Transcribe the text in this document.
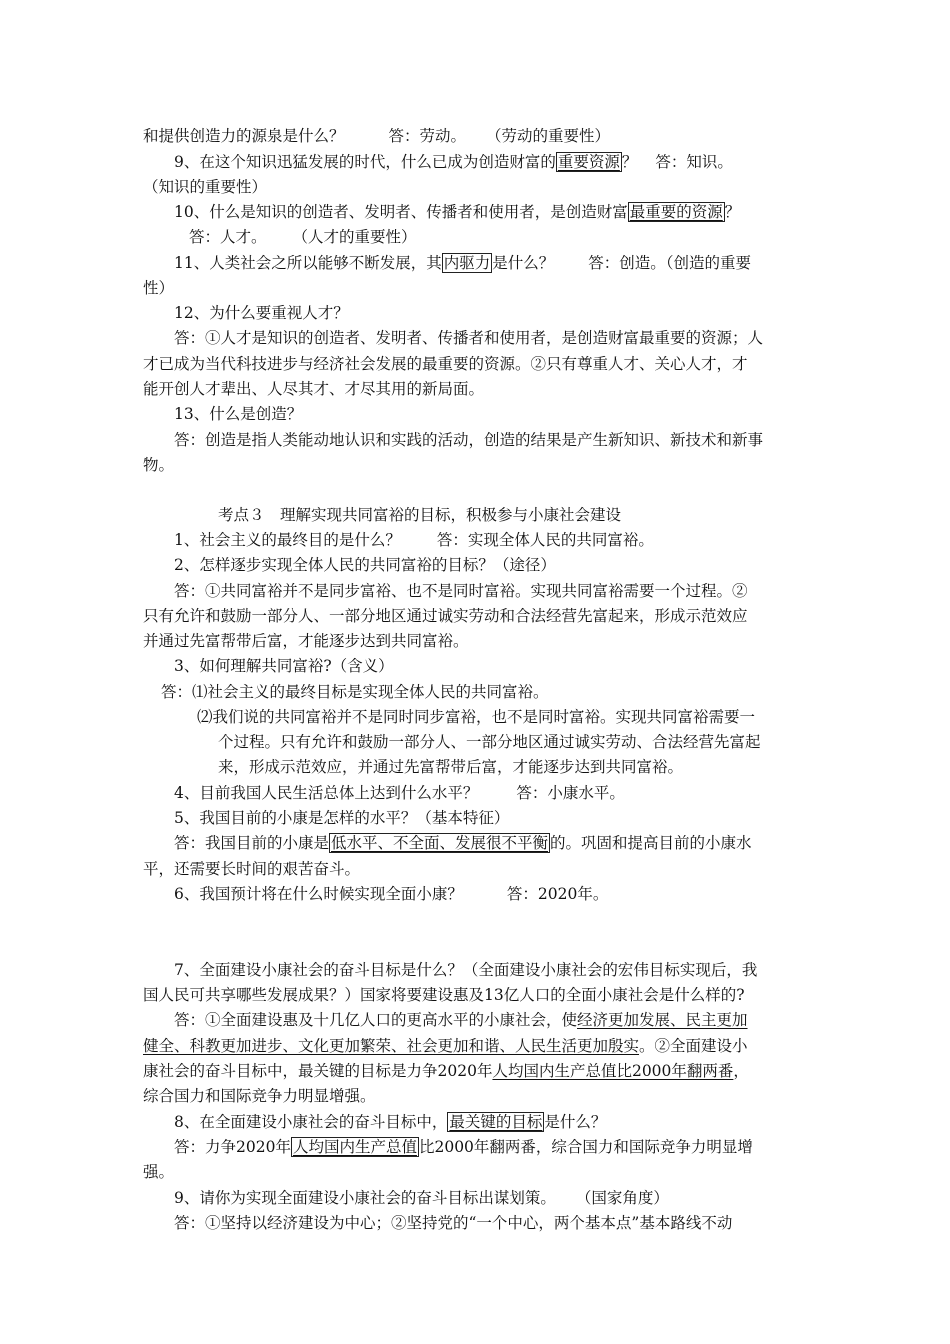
和提供创造力的源泉是什么？	答：劳动。 （劳动的重要性）
9、在这个知识迅猛发展的时代，什么已成为创造财富的 重要资源 ？ 答：知识。
（知识的重要性）
10、什么是知识的创造者、发明者、传播者和使用者，是创造财富 最重要的资源 ？
答：人才。 （人才的重要性）
11、人类社会之所以能够不断发展，其 内驱力 是什么？ 答：创造。（创造的重要
性）
12、为什么要重视人才？
答：①人才是知识的创造者、发明者、传播者和使用者，是创造财富最重要的资源；人
才已成为当代科技进步与经济社会发展的最重要的资源。②只有尊重人才、关心人才，才
能开创人才辈出、人尽其才、才尽其用的新局面。
13、什么是创造？
答：创造是指人类能动地认识和实践的活动，创造的结果是产生新知识、新技术和新事
物。
考点３　理解实现共同富裕的目标，积极参与小康社会建设
1、社会主义的最终目的是什么？ 答：实现全体人民的共同富裕。
2、怎样逐步实现全体人民的共同富裕的目标？（途径）
答：①共同富裕并不是同步富裕、也不是同时富裕。实现共同富裕需要一个过程。②
只有允许和鼓励一部分人、一部分地区通过诚实劳动和合法经营先富起来，形成示范效应
并通过先富帮带后富，才能逐步达到共同富裕。
3、如何理解共同富裕?（含义）
答：⑴社会主义的最终目标是实现全体人民的共同富裕。
⑵我们说的共同富裕并不是同时同步富裕，也不是同时富裕。实现共同富裕需要一
个过程。只有允许和鼓励一部分人、一部分地区通过诚实劳动、合法经营先富起
来，形成示范效应，并通过先富帮带后富，才能逐步达到共同富裕。
4、目前我国人民生活总体上达到什么水平？ 答：小康水平。
5、我国目前的小康是怎样的水平？（基本特征）
答：我国目前的小康是 低水平、不全面、发展很不平衡 的。巩固和提高目前的小康水
平，还需要长时间的艰苦奋斗。
6、我国预计将在什么时候实现全面小康？	答：2020年。
7、全面建设小康社会的奋斗目标是什么？（全面建设小康社会的宏伟目标实现后，我
国人民可共享哪些发展成果？）国家将要建设惠及13亿人口的全面小康社会是什么样的?
答：①全面建设惠及十几亿人口的更高水平的小康社会，使经济更加发展、民主更加
健全、科教更加进步、文化更加繁荣、社会更加和谐、人民生活更加殷实。②全面建设小
康社会的奋斗目标中，最关键的目标是力争2020年人均国内生产总值比2000年翻两番，
综合国力和国际竞争力明显增强。
8、在全面建设小康社会的奋斗目标中， 最关键的目标 是什么？
答：力争2020年 人均国内生产总值 比2000年翻两番，综合国力和国际竞争力明显增
强。
9、请你为实现全面建设小康社会的奋斗目标出谋划策。 （国家角度）
答：①坚持以经济建设为中心；②坚持党的“一个中心，两个基本点”基本路线不动
